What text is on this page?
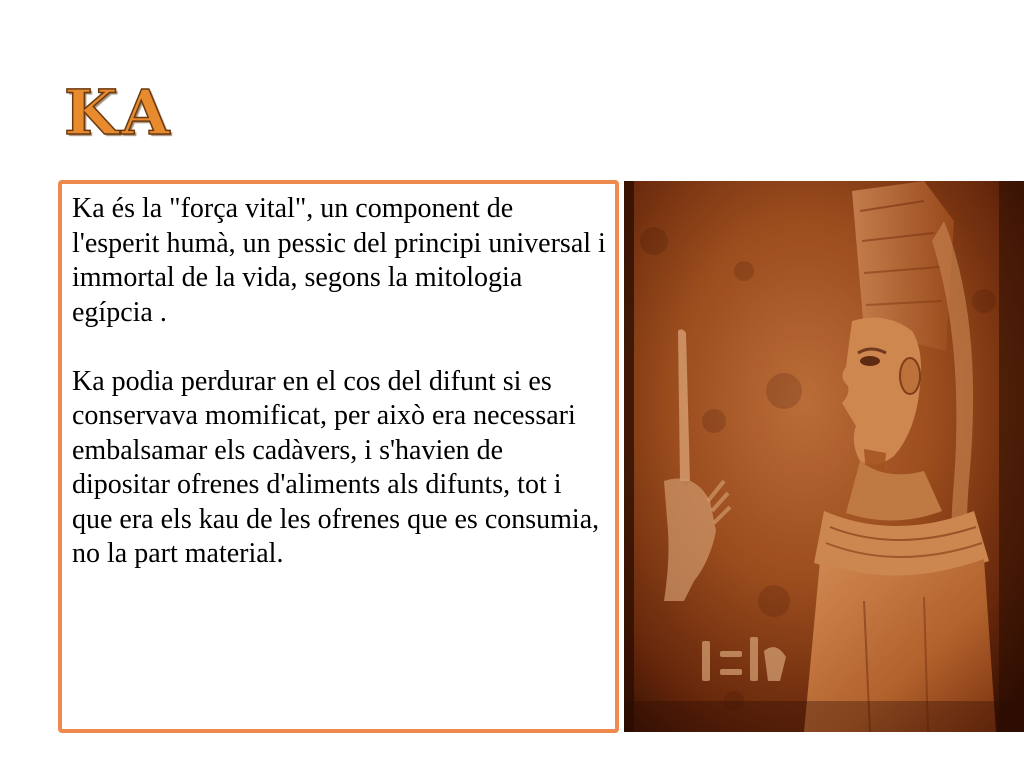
KA

Ka és la "força vital", un component de l'esperit humà, un pessic del principi universal i immortal de la vida, segons la mitologia egípcia .

Ka podia perdurar en el cos del difunt si es conservava momificat, per això era necessari embalsamar els cadàvers, i s'havien de dipositar ofrenes d'aliments als difunts, tot i que era els kau de les ofrenes que es consumia, no la part material.
